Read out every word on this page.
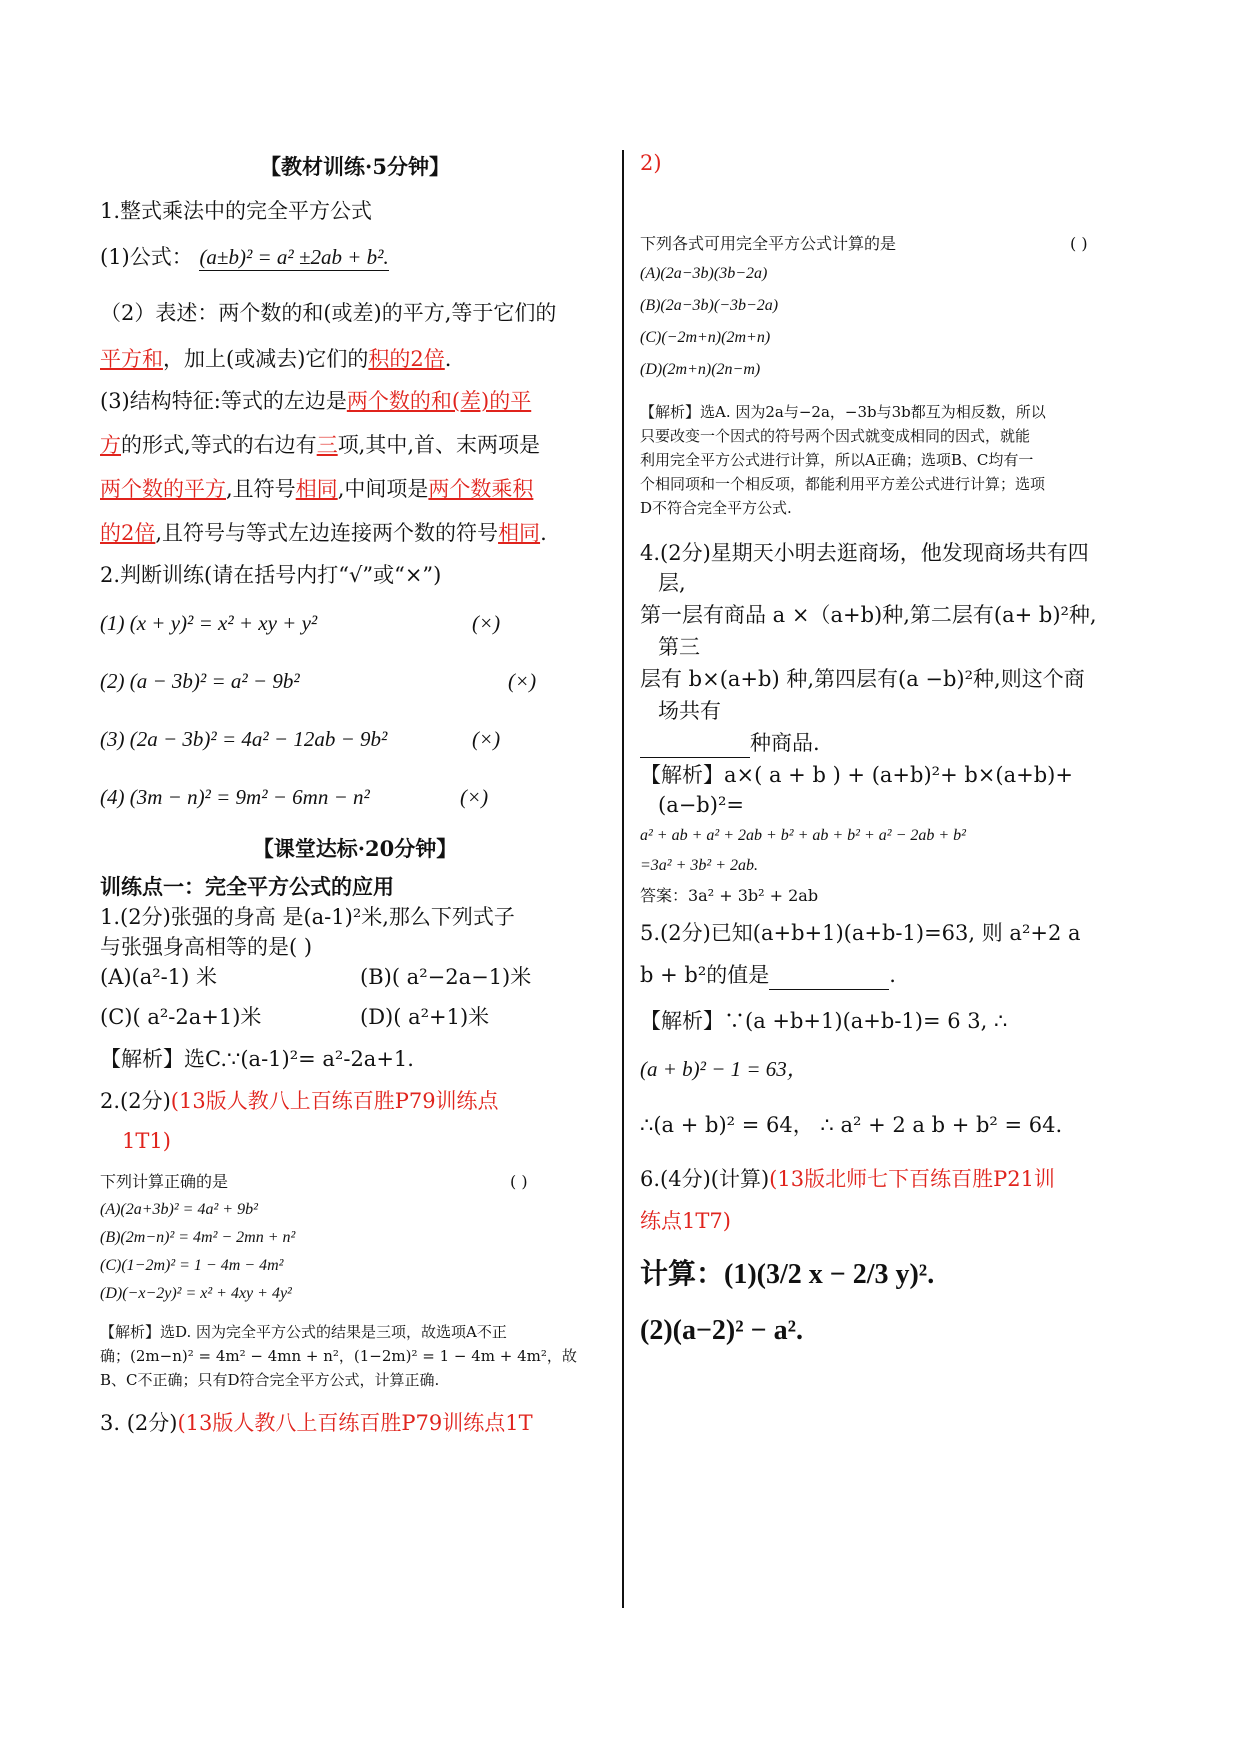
【教材训练·5分钟】
1.整式乘法中的完全平方公式
(1)公式： (a±b)² = a² ±2ab + b².
（2）表述：两个数的和(或差)的平方,等于它们的
平方和，加上(或减去)它们的积的2倍.
(3)结构特征:等式的左边是两个数的和(差)的平
方的形式,等式的右边有三项,其中,首、末两项是
两个数的平方,且符号相同,中间项是两个数乘积
的2倍,且符号与等式左边连接两个数的符号相同.
2.判断训练(请在括号内打“√”或“×”)
(1) (x + y)² = x² + xy + y²	(×)
(2) (a − 3b)² = a² − 9b²	(×)
(3) (2a − 3b)² = 4a² − 12ab − 9b²	(×)
(4) (3m − n)² = 9m² − 6mn − n²	(×)
【课堂达标·20分钟】
训练点一：完全平方公式的应用
1.(2分)张强的身高 是(a-1)²米,那么下列式子
与张强身高相等的是( )
(A)(a²-1) 米	(B)( a²−2a−1)米
(C)( a²-2a+1)米	(D)( a²+1)米
【解析】选C.∵(a-1)²= a²-2a+1.
2.(2分)(13版人教八上百练百胜P79训练点
1T1)
下列计算正确的是	( )
(A)(2a+3b)² = 4a² + 9b²
(B)(2m−n)² = 4m² − 2mn + n²
(C)(1−2m)² = 1 − 4m − 4m²
(D)(−x−2y)² = x² + 4xy + 4y²
【解析】选D. 因为完全平方公式的结果是三项，故选项A不正
确；(2m−n)² = 4m² − 4mn + n²，(1−2m)² = 1 − 4m + 4m²，故
B、C不正确；只有D符合完全平方公式，计算正确.
3. (2分)(13版人教八上百练百胜P79训练点1T
2)
下列各式可用完全平方公式计算的是	( )
(A)(2a−3b)(3b−2a)
(B)(2a−3b)(−3b−2a)
(C)(−2m+n)(2m+n)
(D)(2m+n)(2n−m)
【解析】选A. 因为2a与−2a，−3b与3b都互为相反数，所以
只要改变一个因式的符号两个因式就变成相同的因式，就能
利用完全平方公式进行计算，所以A正确；选项B、C均有一
个相同项和一个相反项，都能利用平方差公式进行计算；选项
D不符合完全平方公式.
4.(2分)星期天小明去逛商场，他发现商场共有四
层,
第一层有商品 a ×（a+b)种,第二层有(a+ b)²种,
第三
层有 b×(a+b) 种,第四层有(a −b)²种,则这个商
场共有
种商品.
【解析】a×( a + b ) + (a+b)²+ b×(a+b)+
(a−b)²=
a² + ab + a² + 2ab + b² + ab + b² + a² − 2ab + b²
=3a² + 3b² + 2ab.
答案：3a² + 3b² + 2ab
5.(2分)已知(a+b+1)(a+b-1)=63, 则 a²+2 a
b + b²的值是	.
【解析】∵(a +b+1)(a+b-1)= 6 3, ∴
(a + b)² − 1 = 63，
∴(a + b)² = 64， ∴ a² + 2 a b + b² = 64.
6.(4分)(计算)(13版北师七下百练百胜P21训
练点1T7)
计算：(1)(3/2 x − 2/3 y)².
(2)(a−2)² − a².
